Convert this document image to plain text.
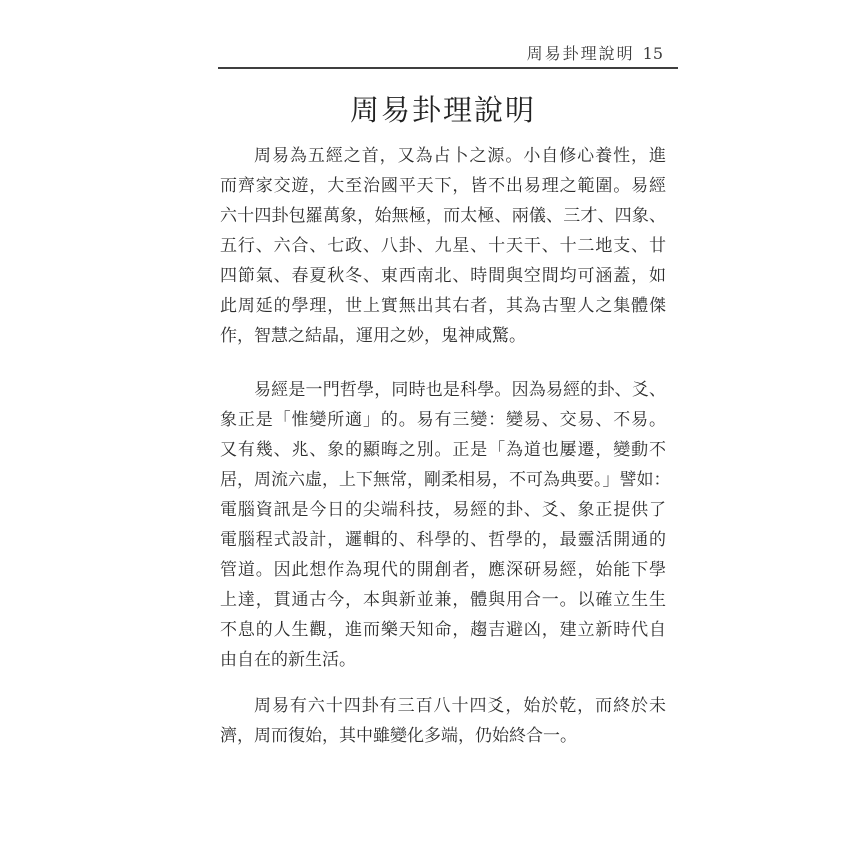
周易卦理說明 15
周易卦理說明
周易為五經之首，又為占卜之源。小自修心養性，進
而齊家交遊，大至治國平天下，皆不出易理之範圍。易經
六十四卦包羅萬象，始無極，而太極、兩儀、三才、四象、
五行、六合、七政、八卦、九星、十天干、十二地支、廿
四節氣、春夏秋冬、東西南北、時間與空間均可涵蓋，如
此周延的學理，世上實無出其右者，其為古聖人之集體傑
作，智慧之結晶，運用之妙，鬼神咸驚。
易經是一門哲學，同時也是科學。因為易經的卦、爻、
象正是「惟變所適」的。易有三變：變易、交易、不易。
又有幾、兆、象的顯晦之別。正是「為道也屢遷，變動不
居，周流六虛，上下無常，剛柔相易，不可為典要。」譬如：
電腦資訊是今日的尖端科技，易經的卦、爻、象正提供了
電腦程式設計，邏輯的、科學的、哲學的，最靈活開通的
管道。因此想作為現代的開創者，應深研易經，始能下學
上達，貫通古今，本與新並兼，體與用合一。以確立生生
不息的人生觀，進而樂天知命，趨吉避凶，建立新時代自
由自在的新生活。
周易有六十四卦有三百八十四爻，始於乾，而終於未
濟，周而復始，其中雖變化多端，仍始終合一。
